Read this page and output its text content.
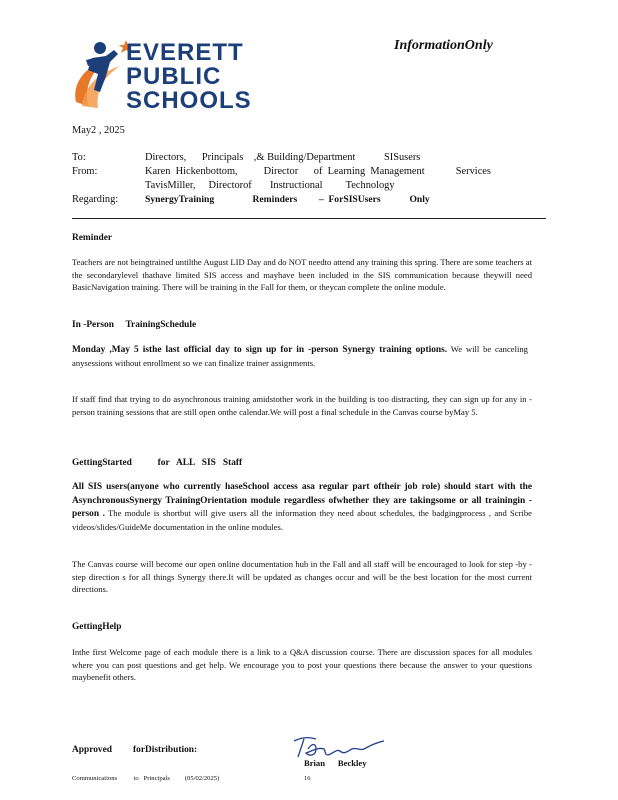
EVERETT
PUBLIC
SCHOOLS
InformationOnly
May2 , 2025
To:	Directors,      Principals    ,& Building/Department           SISusers
From:	Karen  Hickenbottom,          Director      of  Learning  Management            Services
TavisMiller,     Directorof       Instructional         Technology
Regarding:	SynergyTraining                Reminders         –  ForSISUsers            Only
Reminder

Teachers are not beingtrained untilthe August LID Day and do NOT needto attend any training this spring. There are some teachers at the secondarylevel thathave limited SIS access and mayhave been included in the SIS communication because theywill need BasicNavigation training. There will be training in the Fall for them, or theycan complete the online module.

In -Person     TrainingSchedule

Monday ,May 5 isthe last official day to sign up for in -person Synergy training options. We will be canceling anysessions without enrollment so we can finalize trainer assignments.

If staff find that trying to do asynchronous training amidstother work in the building is too distracting, they can sign up for any in -person training sessions that are still open onthe calendar.We will post a final schedule in the Canvas course byMay 5.

GettingStarted           for   ALL   SIS   Staff

All SIS users(anyone who currently haseSchool access asa regular part oftheir job role) should start with the AsynchronousSynergy TrainingOrientation module regardless ofwhether they are takingsome or all trainingin -person . The module is shortbut will give users all the information they need about schedules, the badgingprocess , and Scribe videos/slides/GuideMe documentation in the online modules.

The Canvas course will become our open online documentation hub in the Fall and all staff will be encouraged to look for step -by -step direction s for all things Synergy there.It will be updated as changes occur and will be the best location for the most current directions.

GettingHelp

Inthe first Welcome page of each module there is a link to a Q&A discussion course. There are discussion spaces for all modules where you can post questions and get help. We encourage you to post your questions there because the answer to your questions maybenefit others.

Approved         forDistribution:
Brian      Beckley
Communications          to   Principals         (05/02/2025)	16
